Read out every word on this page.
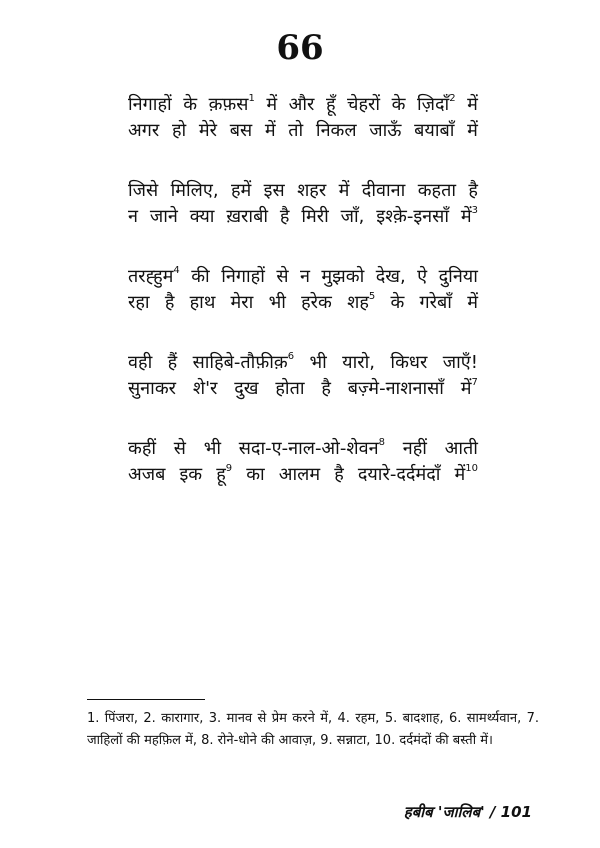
66
निगाहों के क़फ़स$^1$ में और हूँ चेहरों के ज़िदाँ$^2$ में
अगर हो मेरे बस में तो निकल जाऊँ बयाबाँ में
जिसे मिलिए, हमें इस शहर में दीवाना कहता है
न जाने क्या ख़राबी है मिरी जाँ, इश्क़े-इनसाँ में$^3$
तरह्हुम$^4$ की निगाहों से न मुझको देख, ऐ दुनिया
रहा है हाथ मेरा भी हरेक शह$^5$ के गरेबाँ में
वही हैं साहिबे-तौफ़ीक़$^6$ भी यारो, किधर जाएँ!
सुनाकर शे'र दुख होता है बज़्मे-नाशनासाँ में$^7$
कहीं से भी सदा-ए-नाल-ओ-शेवन$^8$ नहीं आती
अजब इक हू$^9$ का आलम है दयारे-दर्दमंदाँ में$^{10}$
1. पिंजरा, 2. कारागार, 3. मानव से प्रेम करने में, 4. रहम, 5. बादशाह, 6. सामर्थ्यवान, 7. जाहिलों की महफ़िल में, 8. रोने-धोने की आवाज़, 9. सन्नाटा, 10. दर्दमंदों की बस्ती में।
हबीब 'जालिब' / 101
